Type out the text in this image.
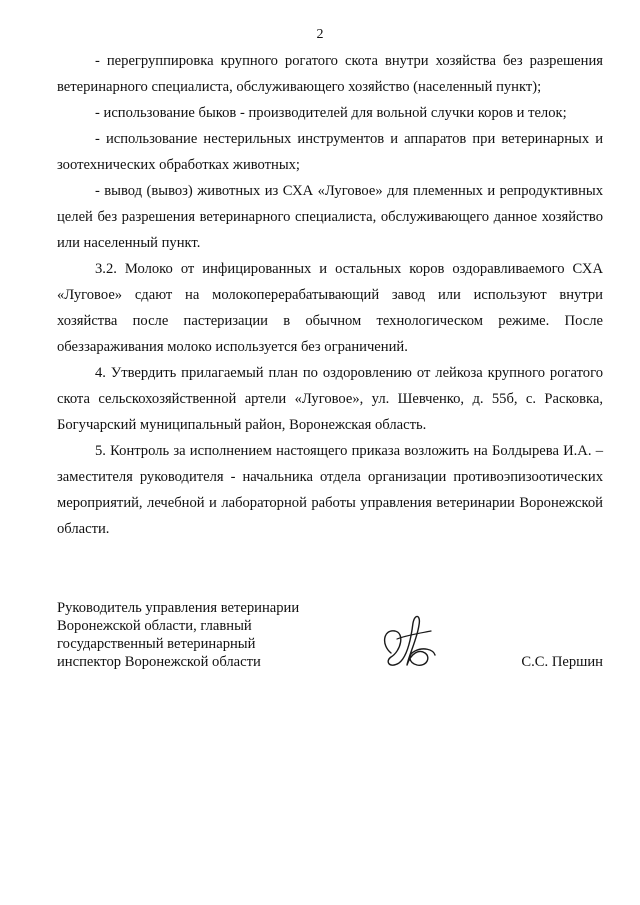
2

- перегруппировка крупного рогатого скота внутри хозяйства без разрешения ветеринарного специалиста, обслуживающего хозяйство (населенный пункт);

- использование быков - производителей для вольной случки коров и телок;

- использование нестерильных инструментов и аппаратов при ветеринарных и зоотехнических обработках животных;

- вывод (вывоз) животных из СХА «Луговое» для племенных и репродуктивных целей без разрешения ветеринарного специалиста, обслуживающего данное хозяйство или населенный пункт.

3.2. Молоко от инфицированных и остальных коров оздоравливаемого СХА «Луговое» сдают на молокоперерабатывающий завод или используют внутри хозяйства после пастеризации в обычном технологическом режиме. После обеззараживания молоко используется без ограничений.

4. Утвердить прилагаемый план по оздоровлению от лейкоза крупного рогатого скота сельскохозяйственной артели «Луговое», ул. Шевченко, д. 55б, с. Расковка, Богучарский муниципальный район, Воронежская область.

5. Контроль за исполнением настоящего приказа возложить на Болдырева И.А. – заместителя руководителя - начальника отдела организации противоэпизоотических мероприятий, лечебной и лабораторной работы управления ветеринарии Воронежской области.

Руководитель управления ветеринарии
Воронежской области, главный
государственный ветеринарный
инспектор Воронежской области	С.С. Першин
